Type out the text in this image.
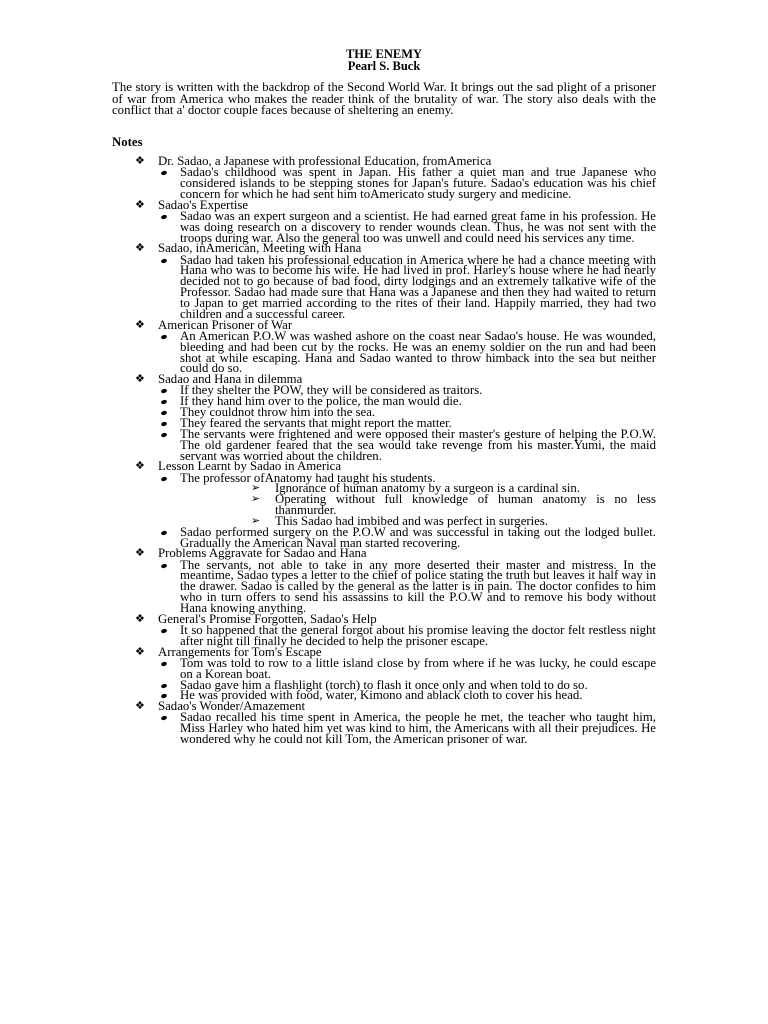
THE ENEMY
Pearl S. Buck
The story is written with the backdrop of the Second World War. It brings out the sad plight of a prisoner of war from America who makes the reader think of the brutality of war. The story also deals with the conflict that a' doctor couple faces because of sheltering an enemy.
Notes
❖ Dr. Sadao, a Japanese with professional Education, fromAmerica
Sadao's childhood was spent in Japan. His father a quiet man and true Japanese who considered islands to be stepping stones for Japan's future. Sadao's education was his chief concern for which he had sent him toAmericato study surgery and medicine.
❖ Sadao's Expertise
Sadao was an expert surgeon and a scientist. He had earned great fame in his profession. He was doing research on a discovery to render wounds clean. Thus, he was not sent with the troops during war. Also the general too was unwell and could need his services any time.
❖ Sadao, inAmerican, Meeting with Hana
Sadao had taken his professional education in America where he had a chance meeting with Hana who was to become his wife. He had lived in prof. Harley's house where he had nearly decided not to go because of bad food, dirty lodgings and an extremely talkative wife of the Professor. Sadao had made sure that Hana was a Japanese and then they had waited to return to Japan to get married according to the rites of their land. Happily married, they had two children and a successful career.
❖ American Prisoner of War
An American P.O.W was washed ashore on the coast near Sadao's house. He was wounded, bleeding and had been cut by the rocks. He was an enemy soldier on the run and had been shot at while escaping. Hana and Sadao wanted to throw himback into the sea but neither could do so.
❖ Sadao and Hana in dilemma
If they shelter the POW, they will be considered as traitors.
If they hand him over to the police, the man would die.
They couldnot throw him into the sea.
They feared the servants that might report the matter.
The servants were frightened and were opposed their master's gesture of helping the P.O.W. The old gardener feared that the sea would take revenge from his master.Yumi, the maid servant was worried about the children.
❖ Lesson Learnt by Sadao in America
The professor ofAnatomy had taught his students.
➢ Ignorance of human anatomy by a surgeon is a cardinal sin.
➢ Operating without full knowledge of human anatomy is no less thanmurder.
➢ This Sadao had imbibed and was perfect in surgeries.
Sadao performed surgery on the P.O.W and was successful in taking out the lodged bullet. Gradually the American Naval man started recovering.
❖ Problems Aggravate for Sadao and Hana
The servants, not able to take in any more deserted their master and mistress. In the meantime, Sadao types a letter to the chief of police stating the truth but leaves it half way in the drawer. Sadao is called by the general as the latter is in pain. The doctor confides to him who in turn offers to send his assassins to kill the P.O.W and to remove his body without Hana knowing anything.
❖ General's Promise Forgotten, Sadao's Help
It so happened that the general forgot about his promise leaving the doctor felt restless night after night till finally he decided to help the prisoner escape.
❖ Arrangements for Tom's Escape
Tom was told to row to a little island close by from where if he was lucky, he could escape on a Korean boat.
Sadao gave him a flashlight (torch) to flash it once only and when told to do so.
He was provided with food, water, Kimono and ablack cloth to cover his head.
❖ Sadao's Wonder/Amazement
Sadao recalled his time spent in America, the people he met, the teacher who taught him, Miss Harley who hated him yet was kind to him, the Americans with all their prejudices. He wondered why he could not kill Tom, the American prisoner of war.
